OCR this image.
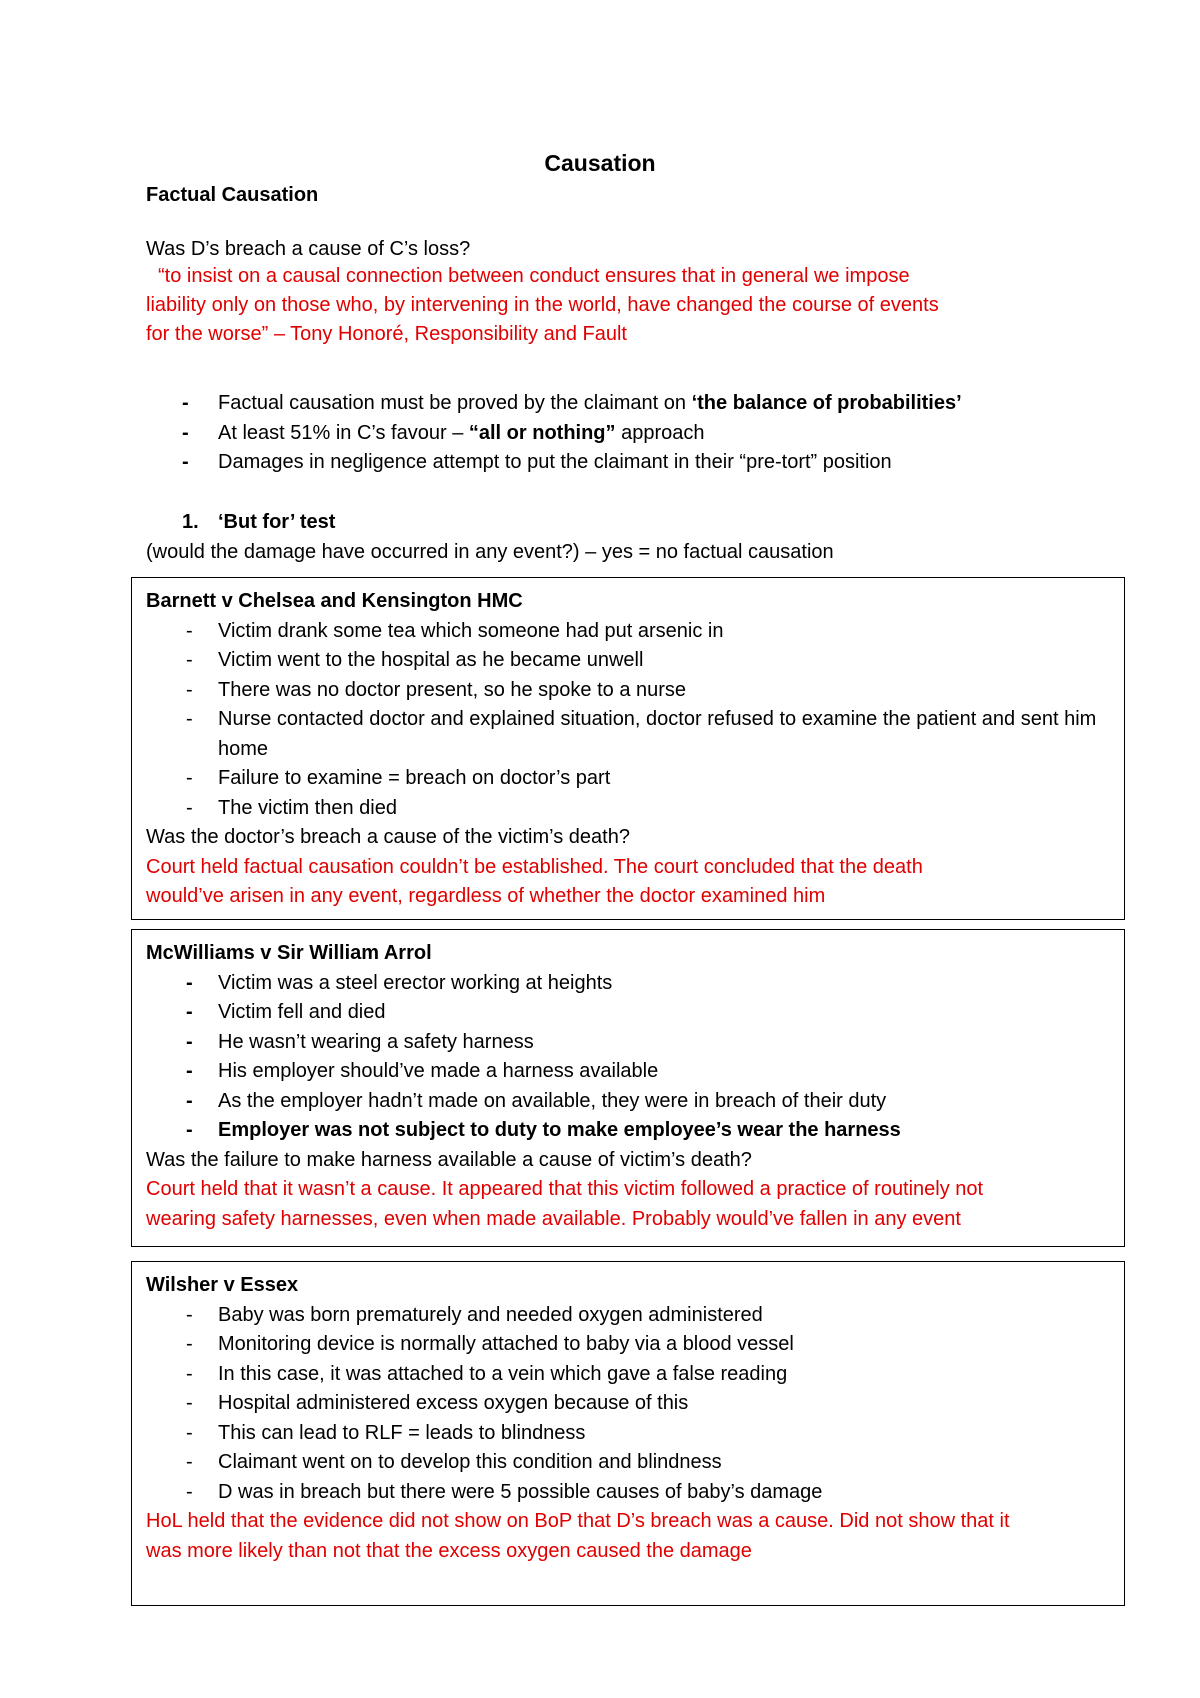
Causation
Factual Causation
Was D’s breach a cause of C’s loss?
“to insist on a causal connection between conduct ensures that in general we impose
liability only on those who, by intervening in the world, have changed the course of events
for the worse” – Tony Honoré, Responsibility and Fault
- Factual causation must be proved by the claimant on ‘the balance of probabilities’
- At least 51% in C’s favour – “all or nothing” approach
- Damages in negligence attempt to put the claimant in their “pre-tort” position
1. ‘But for’ test
(would the damage have occurred in any event?) – yes = no factual causation
Barnett v Chelsea and Kensington HMC
- Victim drank some tea which someone had put arsenic in
- Victim went to the hospital as he became unwell
- There was no doctor present, so he spoke to a nurse
- Nurse contacted doctor and explained situation, doctor refused to examine the patient and sent him home
- Failure to examine = breach on doctor’s part
- The victim then died
Was the doctor’s breach a cause of the victim’s death?
Court held factual causation couldn’t be established. The court concluded that the death
would’ve arisen in any event, regardless of whether the doctor examined him
McWilliams v Sir William Arrol
- Victim was a steel erector working at heights
- Victim fell and died
- He wasn’t wearing a safety harness
- His employer should’ve made a harness available
- As the employer hadn’t made on available, they were in breach of their duty
- Employer was not subject to duty to make employee’s wear the harness
Was the failure to make harness available a cause of victim’s death?
Court held that it wasn’t a cause. It appeared that this victim followed a practice of routinely not
wearing safety harnesses, even when made available. Probably would’ve fallen in any event
Wilsher v Essex
- Baby was born prematurely and needed oxygen administered
- Monitoring device is normally attached to baby via a blood vessel
- In this case, it was attached to a vein which gave a false reading
- Hospital administered excess oxygen because of this
- This can lead to RLF = leads to blindness
- Claimant went on to develop this condition and blindness
- D was in breach but there were 5 possible causes of baby’s damage
HoL held that the evidence did not show on BoP that D’s breach was a cause. Did not show that it
was more likely than not that the excess oxygen caused the damage
